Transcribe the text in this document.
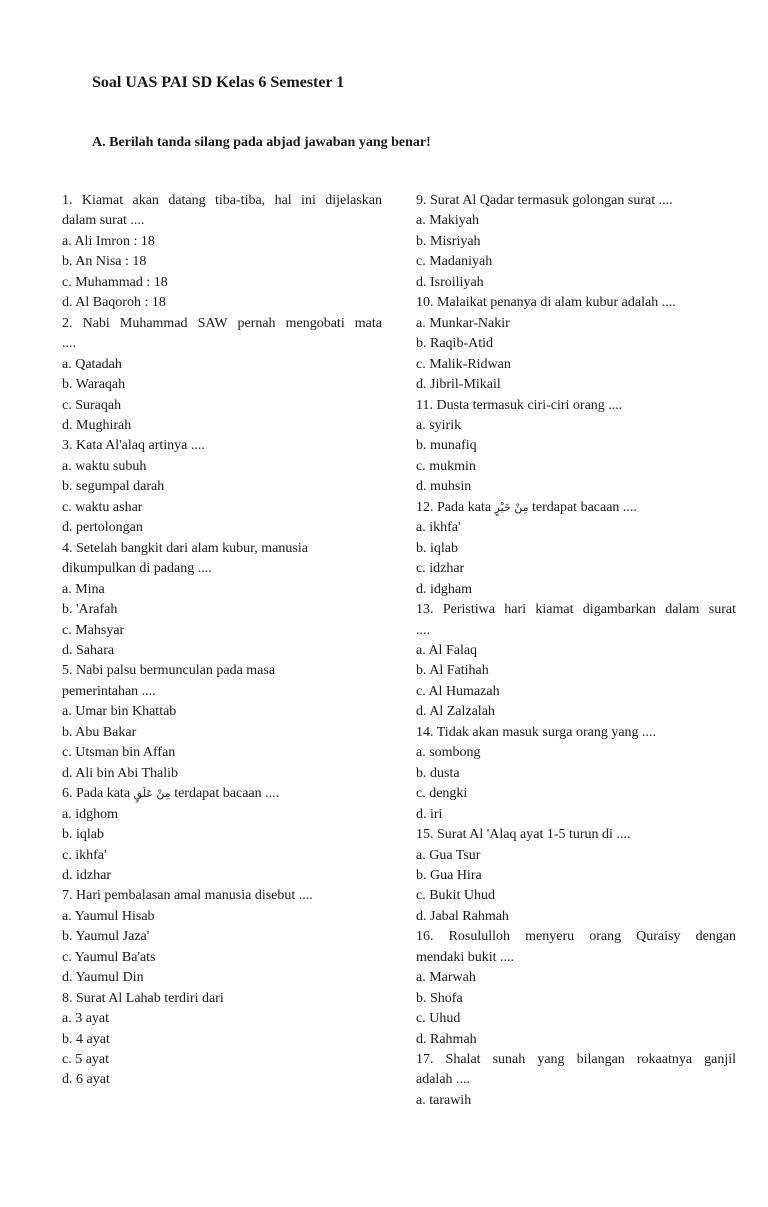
Soal UAS PAI SD Kelas 6 Semester 1
A. Berilah tanda silang pada abjad jawaban yang benar!
1. Kiamat akan datang tiba-tiba, hal ini dijelaskan
dalam surat ....
a. Ali Imron : 18
b. An Nisa : 18
c. Muhammad : 18
d. Al Baqoroh : 18
2. Nabi Muhammad SAW pernah mengobati mata
....
a. Qatadah
b. Waraqah
c. Suraqah
d. Mughirah
3. Kata Al'alaq artinya ....
a. waktu subuh
b. segumpal darah
c. waktu ashar
d. pertolongan
4. Setelah bangkit dari alam kubur, manusia
dikumpulkan di padang ....
a. Mina
b. 'Arafah
c. Mahsyar
d. Sahara
5. Nabi palsu bermunculan pada masa
pemerintahan ....
a. Umar bin Khattab
b. Abu Bakar
c. Utsman bin Affan
d. Ali bin Abi Thalib
6. Pada kata مِنْ عَلَقٍ terdapat bacaan ....
a. idghom
b. iqlab
c. ikhfa'
d. idzhar
7. Hari pembalasan amal manusia disebut ....
a. Yaumul Hisab
b. Yaumul Jaza'
c. Yaumul Ba'ats
d. Yaumul Din
8. Surat Al Lahab terdiri dari
a. 3 ayat
b. 4 ayat
c. 5 ayat
d. 6 ayat
9. Surat Al Qadar termasuk golongan surat ....
a. Makiyah
b. Misriyah
c. Madaniyah
d. Isroiliyah
10. Malaikat penanya di alam kubur adalah ....
a. Munkar-Nakir
b. Raqib-Atid
c. Malik-Ridwan
d. Jibril-Mikail
11. Dusta termasuk ciri-ciri orang ....
a. syirik
b. munafiq
c. mukmin
d. muhsin
12. Pada kata مِنْ خَيْرٍ terdapat bacaan ....
a. ikhfa'
b. iqlab
c. idzhar
d. idgham
13. Peristiwa hari kiamat digambarkan dalam surat
....
a. Al Falaq
b. Al Fatihah
c. Al Humazah
d. Al Zalzalah
14. Tidak akan masuk surga orang yang ....
a. sombong
b. dusta
c. dengki
d. iri
15. Surat Al 'Alaq ayat 1-5 turun di ....
a. Gua Tsur
b. Gua Hira
c. Bukit Uhud
d. Jabal Rahmah
16. Rosululloh menyeru orang Quraisy dengan
mendaki bukit ....
a. Marwah
b. Shofa
c. Uhud
d. Rahmah
17. Shalat sunah yang bilangan rokaatnya ganjil
adalah ....
a. tarawih
